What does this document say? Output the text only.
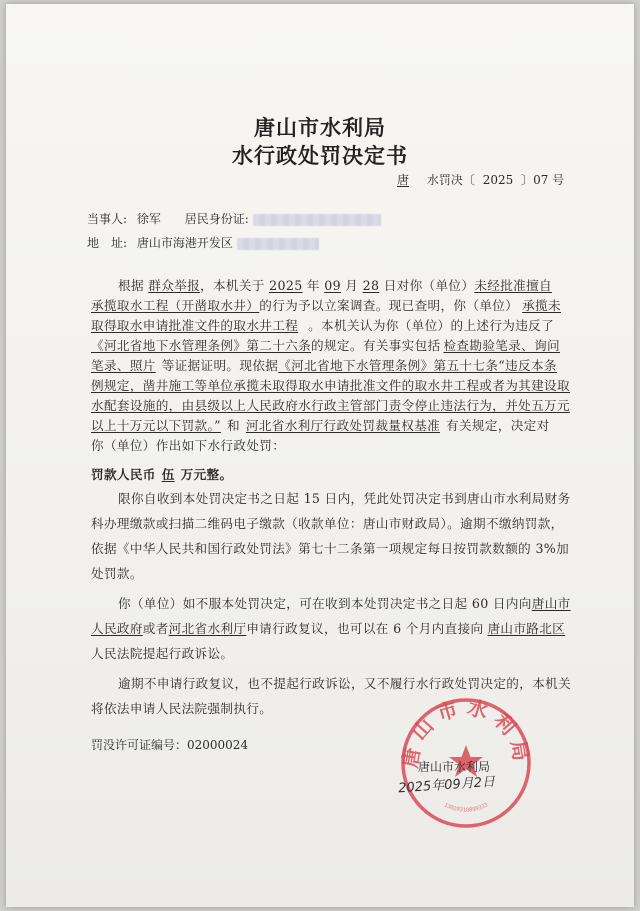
唐山市水利局
水行政处罚决定书
唐 水罚决〔 2025 〕07 号
当事人: 徐军 居民身份证:
地　址: 唐山市海港开发区
根据 群众举报，本机关于 2025 年 09 月 28 日对你（单位）未经批准擅自
承揽取水工程（开凿取水井）的行为予以立案调查。现已查明，你（单位） 承揽未
取得取水申请批准文件的取水井工程 。本机关认为你（单位）的上述行为违反了
《河北省地下水管理条例》第二十六条的规定。有关事实包括 检查勘验笔录、询问
笔录、照片 等证据证明。现依据《河北省地下水管理条例》第五十七条“违反本条
例规定，凿井施工等单位承揽未取得取水申请批准文件的取水井工程或者为其建设取
水配套设施的，由县级以上人民政府水行政主管部门责令停止违法行为，并处五万元
以上十万元以下罚款。” 和 河北省水利厅行政处罚裁量权基准 有关规定，决定对
你（单位）作出如下水行政处罚：
罚款人民币 伍 万元整。
限你自收到本处罚决定书之日起 15 日内，凭此处罚决定书到唐山市水利局财务
科办理缴款或扫描二维码电子缴款（收款单位：唐山市财政局）。逾期不缴纳罚款，
依据《中华人民共和国行政处罚法》第七十二条第一项规定每日按罚款数额的 3%加
处罚款。
你（单位）如不服本处罚决定，可在收到本处罚决定书之日起 60 日内向唐山市
人民政府或者河北省水利厅申请行政复议，也可以在 6 个月内直接向 唐山市路北区
人民法院提起行政诉讼。
逾期不申请行政复议，也不提起行政诉讼，又不履行水行政处罚决定的，本机关
将依法申请人民法院强制执行。
罚没许可证编号：02000024	唐山市水利局
13020318899333
唐山市水利局
2025年09月2日
